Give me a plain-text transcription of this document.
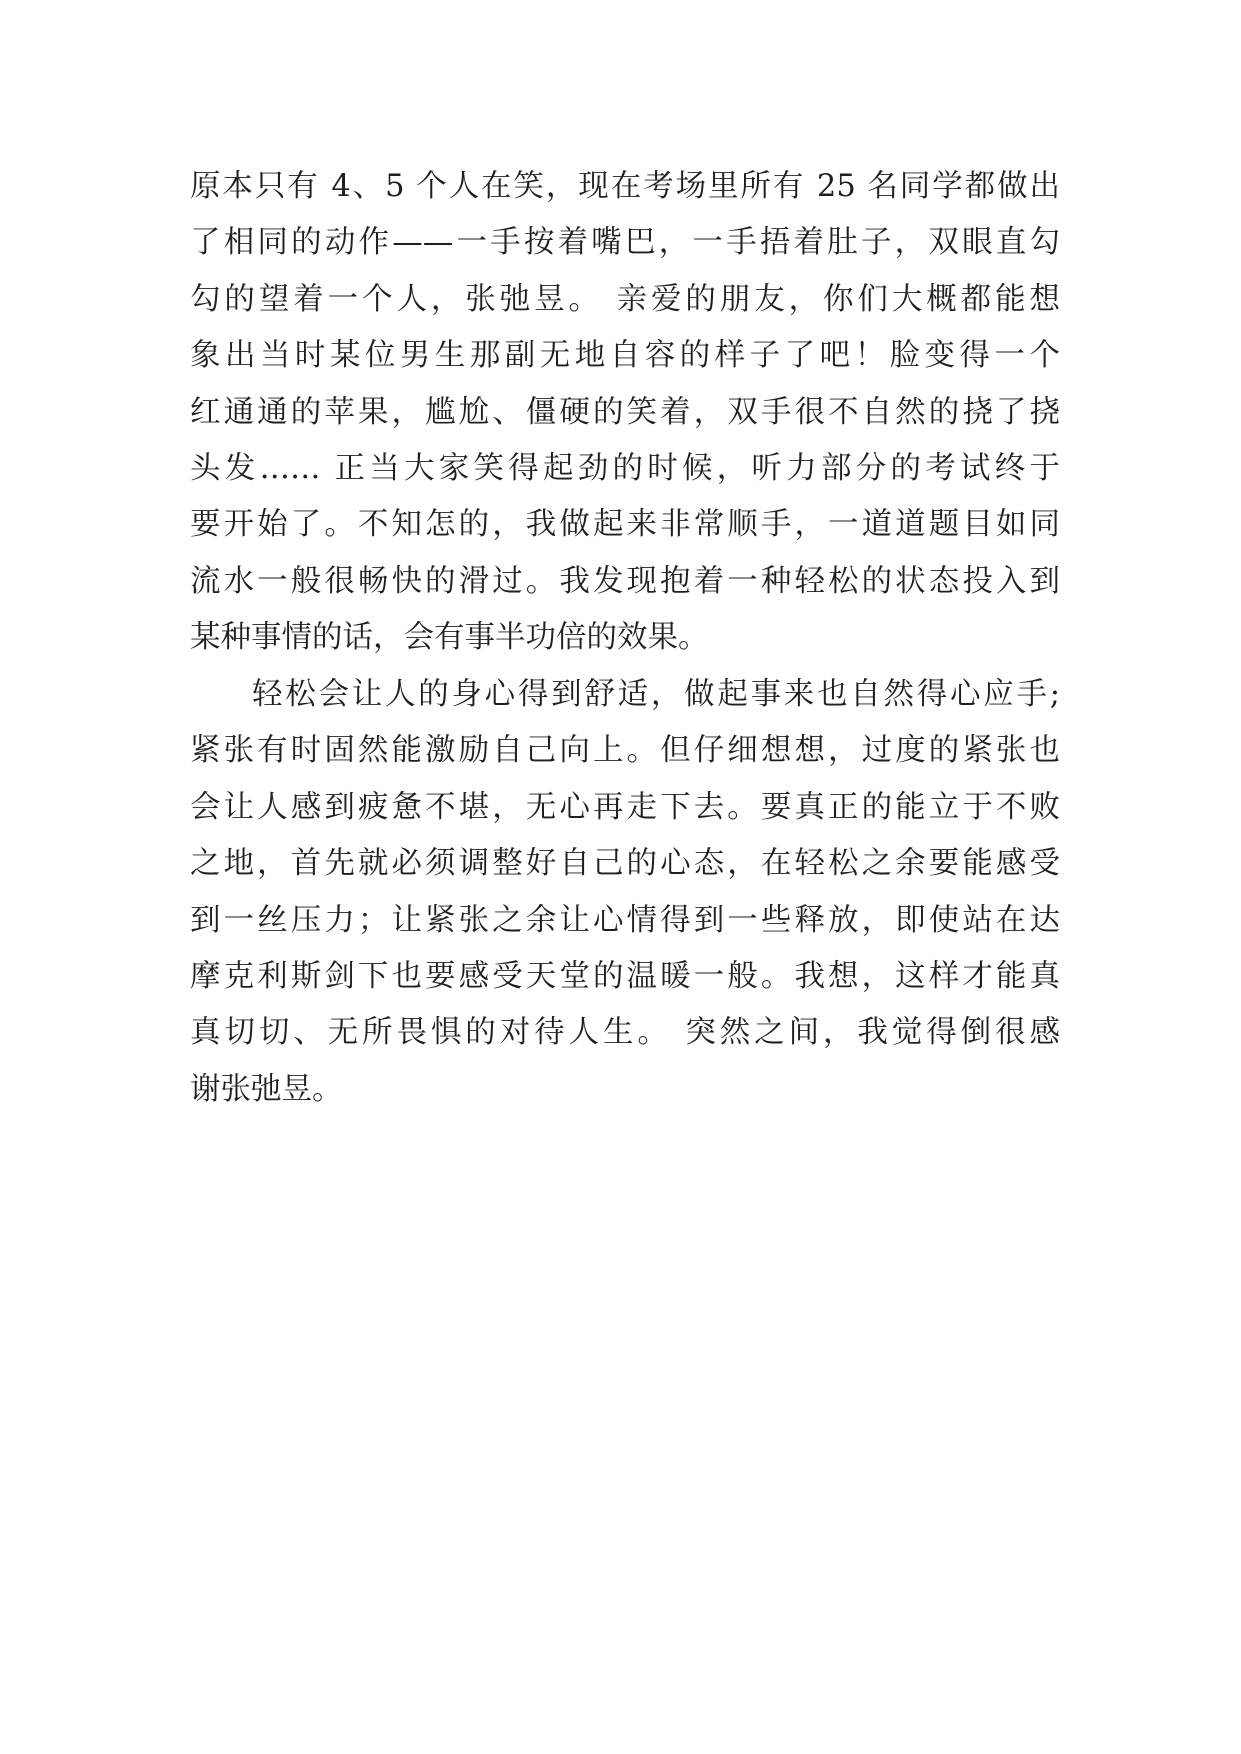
原本只有 4、5 个人在笑，现在考场里所有 25 名同学都做出
了相同的动作——一手按着嘴巴，一手捂着肚子，双眼直勾
勾的望着一个人，张弛昱。 亲爱的朋友，你们大概都能想
象出当时某位男生那副无地自容的样子了吧！脸变得一个
红通通的苹果，尴尬、僵硬的笑着，双手很不自然的挠了挠
头发…… 正当大家笑得起劲的时候，听力部分的考试终于
要开始了。不知怎的，我做起来非常顺手，一道道题目如同
流水一般很畅快的滑过。我发现抱着一种轻松的状态投入到
某种事情的话，会有事半功倍的效果。
轻松会让人的身心得到舒适，做起事来也自然得心应手;
紧张有时固然能激励自己向上。但仔细想想，过度的紧张也
会让人感到疲惫不堪，无心再走下去。要真正的能立于不败
之地，首先就必须调整好自己的心态，在轻松之余要能感受
到一丝压力；让紧张之余让心情得到一些释放，即使站在达
摩克利斯剑下也要感受天堂的温暖一般。我想，这样才能真
真切切、无所畏惧的对待人生。 突然之间，我觉得倒很感
谢张弛昱。
